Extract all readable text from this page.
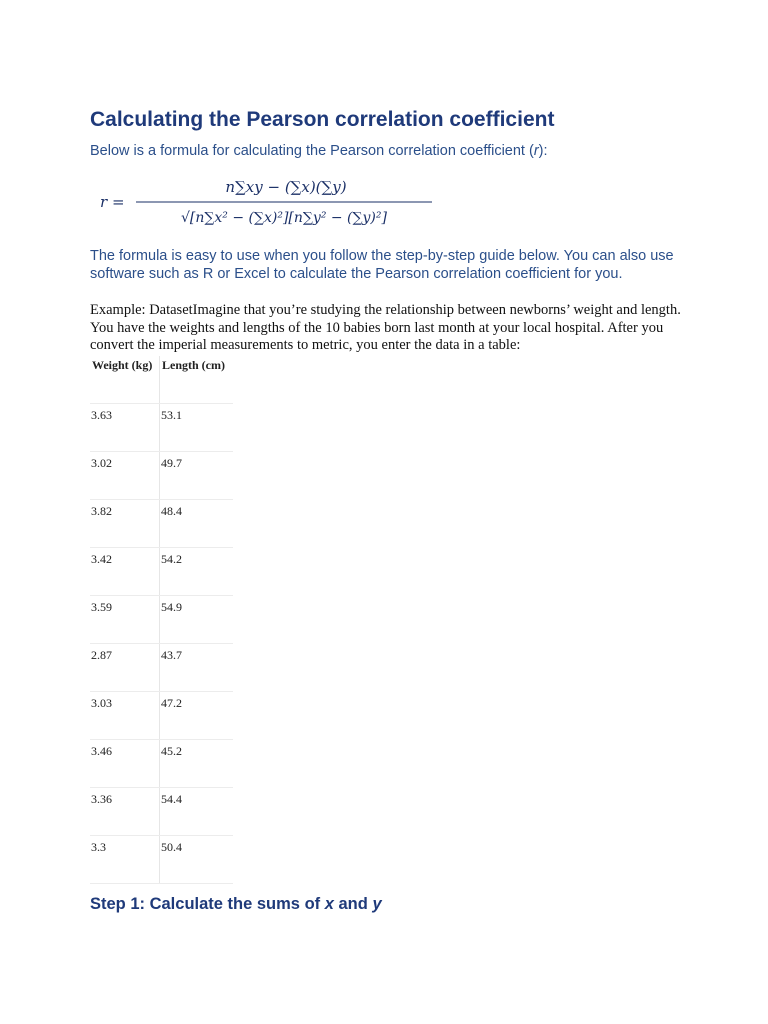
Calculating the Pearson correlation coefficient

Below is a formula for calculating the Pearson correlation coefficient (r):

r =
n∑xy − (∑x)(∑y)
√[n∑x² − (∑x)²][n∑y² − (∑y)²]

The formula is easy to use when you follow the step-by-step guide below. You can also use software such as R or Excel to calculate the Pearson correlation coefficient for you.

Example: DatasetImagine that you’re studying the relationship between newborns’ weight and length. You have the weights and lengths of the 10 babies born last month at your local hospital. After you convert the imperial measurements to metric, you enter the data in a table:

Weight (kg)	Length (cm)
3.63	53.1
3.02	49.7
3.82	48.4
3.42	54.2
3.59	54.9
2.87	43.7
3.03	47.2
3.46	45.2
3.36	54.4
3.3	50.4
Step 1: Calculate the sums of x and y
